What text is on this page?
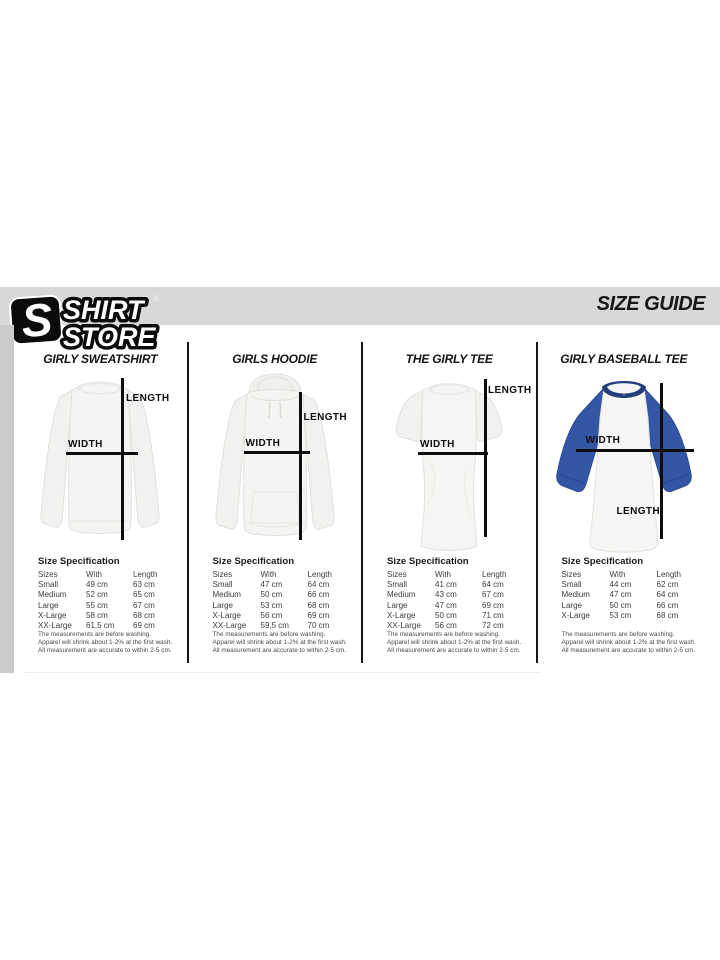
SIZE GUIDE
S SHIRT
STORE
®
GIRLY SWEATSHIRT
WIDTH
LENGTH
Size Specification
Sizes	With	Length
Small	49 cm	63 cm
Medium	52 cm	65 cm
Large	55 cm	67 cm
X-Large	58 cm	68 cm
XX-Large	61,5 cm	69 cm
The measurements are before washing.
Apparel will shrink about 1-2% at the first wash.
All measurement are accurate to within 2-5 cm.
GIRLS HOODIE
WIDTH
LENGTH
Size Specification
Sizes	With	Length
Small	47 cm	64 cm
Medium	50 cm	66 cm
Large	53 cm	68 cm
X-Large	56 cm	69 cm
XX-Large	59,5 cm	70 cm
The measurements are before washing.
Apparel will shrink about 1-2% at the first wash.
All measurement are accurate to within 2-5 cm.
THE GIRLY TEE
WIDTH
LENGTH
Size Specification
Sizes	With	Length
Small	41 cm	64 cm
Medium	43 cm	67 cm
Large	47 cm	69 cm
X-Large	50 cm	71 cm
XX-Large	56 cm	72 cm
The measurements are before washing.
Apparel will shrink about 1-2% at the first wash.
All measurement are accurate to within 2-5 cm.
GIRLY BASEBALL TEE
WIDTH
LENGTH
Size Specification
Sizes	With	Length
Small	44 cm	62 cm
Medium	47 cm	64 cm
Large	50 cm	66 cm
X-Large	53 cm	68 cm
The measurements are before washing.
Apparel will shrink about 1-2% at the first wash.
All measurement are accurate to within 2-5 cm.
